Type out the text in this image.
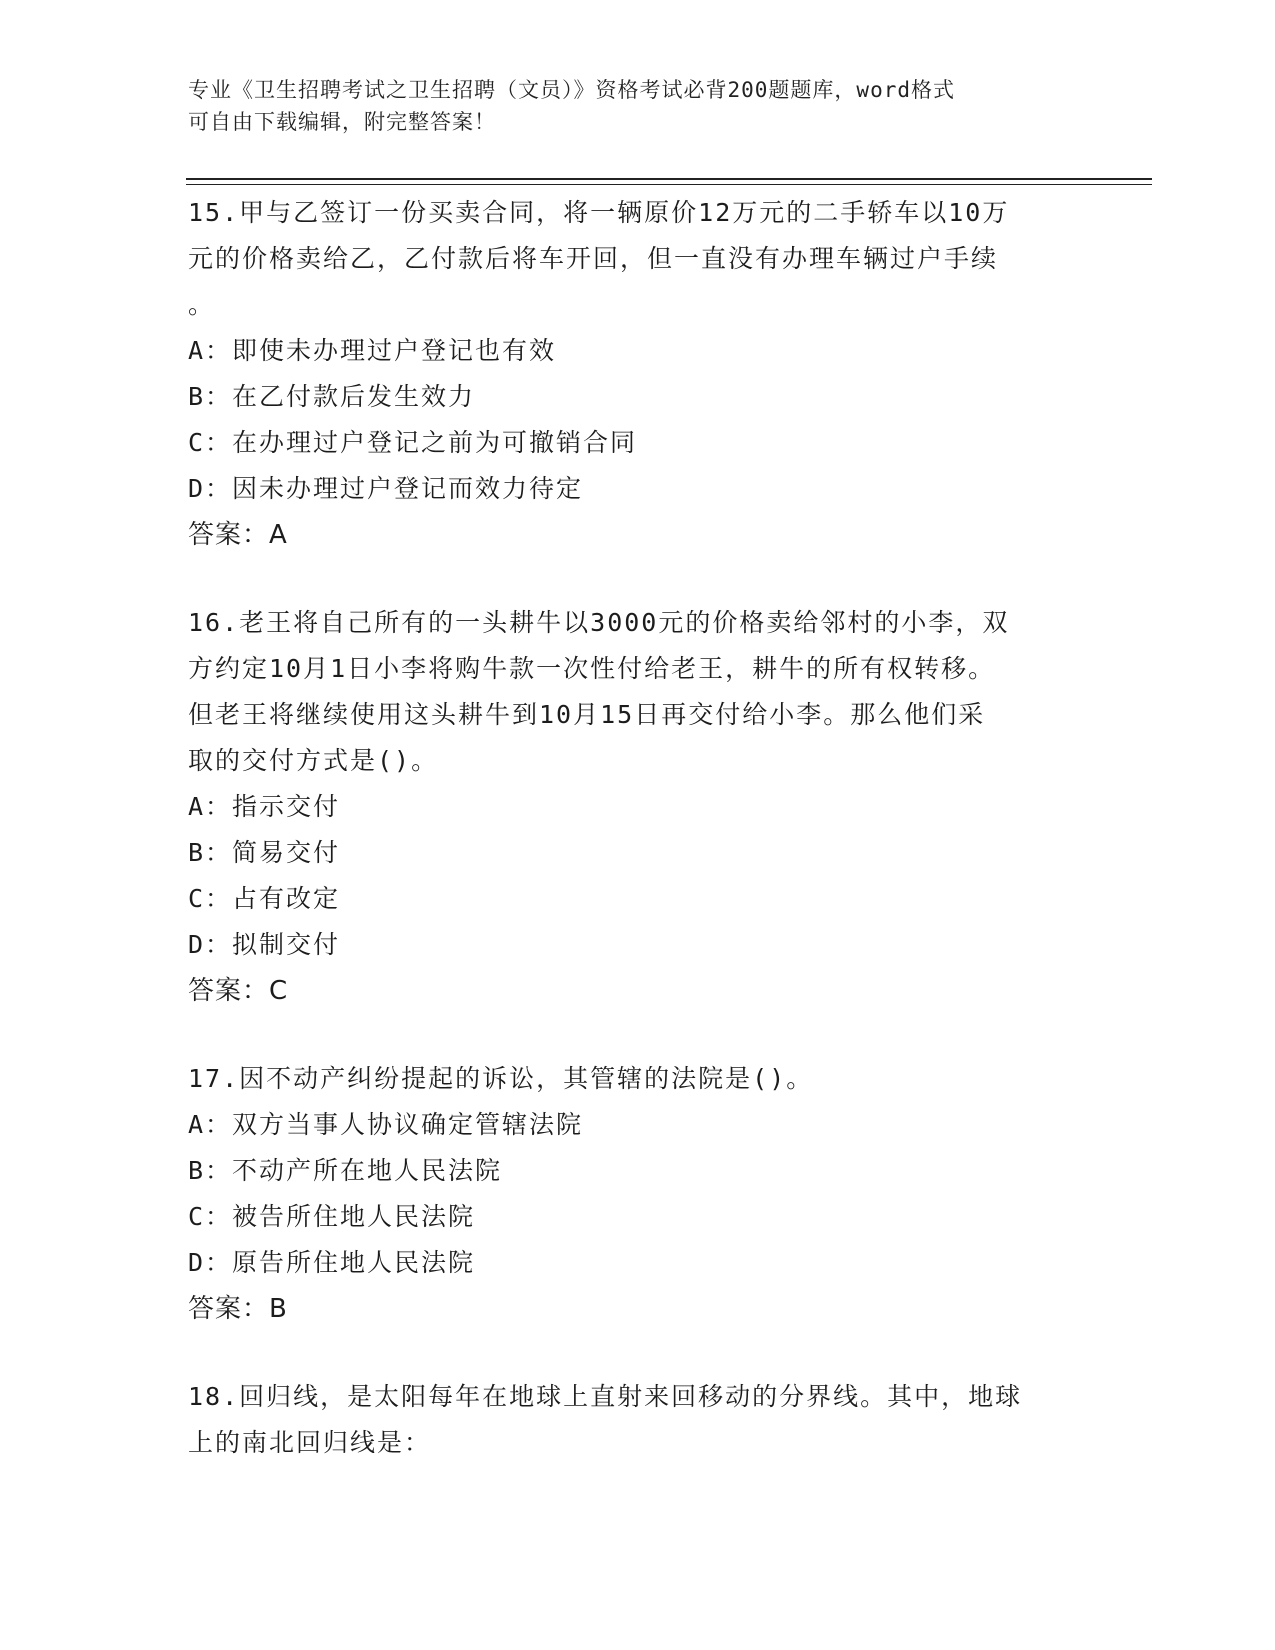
专业《卫生招聘考试之卫生招聘（文员）》资格考试必背200题题库，word格式
可自由下载编辑，附完整答案！
15.甲与乙签订一份买卖合同，将一辆原价12万元的二手轿车以10万
元的价格卖给乙，乙付款后将车开回，但一直没有办理车辆过户手续
。
A：即使未办理过户登记也有效
B：在乙付款后发生效力
C：在办理过户登记之前为可撤销合同
D：因未办理过户登记而效力待定
答案：A
16.老王将自己所有的一头耕牛以3000元的价格卖给邻村的小李，双
方约定10月1日小李将购牛款一次性付给老王，耕牛的所有权转移。
但老王将继续使用这头耕牛到10月15日再交付给小李。那么他们采
取的交付方式是()。
A：指示交付
B：简易交付
C：占有改定
D：拟制交付
答案：C
17.因不动产纠纷提起的诉讼，其管辖的法院是()。
A：双方当事人协议确定管辖法院
B：不动产所在地人民法院
C：被告所住地人民法院
D：原告所住地人民法院
答案：B
18.回归线，是太阳每年在地球上直射来回移动的分界线。其中，地球
上的南北回归线是：
